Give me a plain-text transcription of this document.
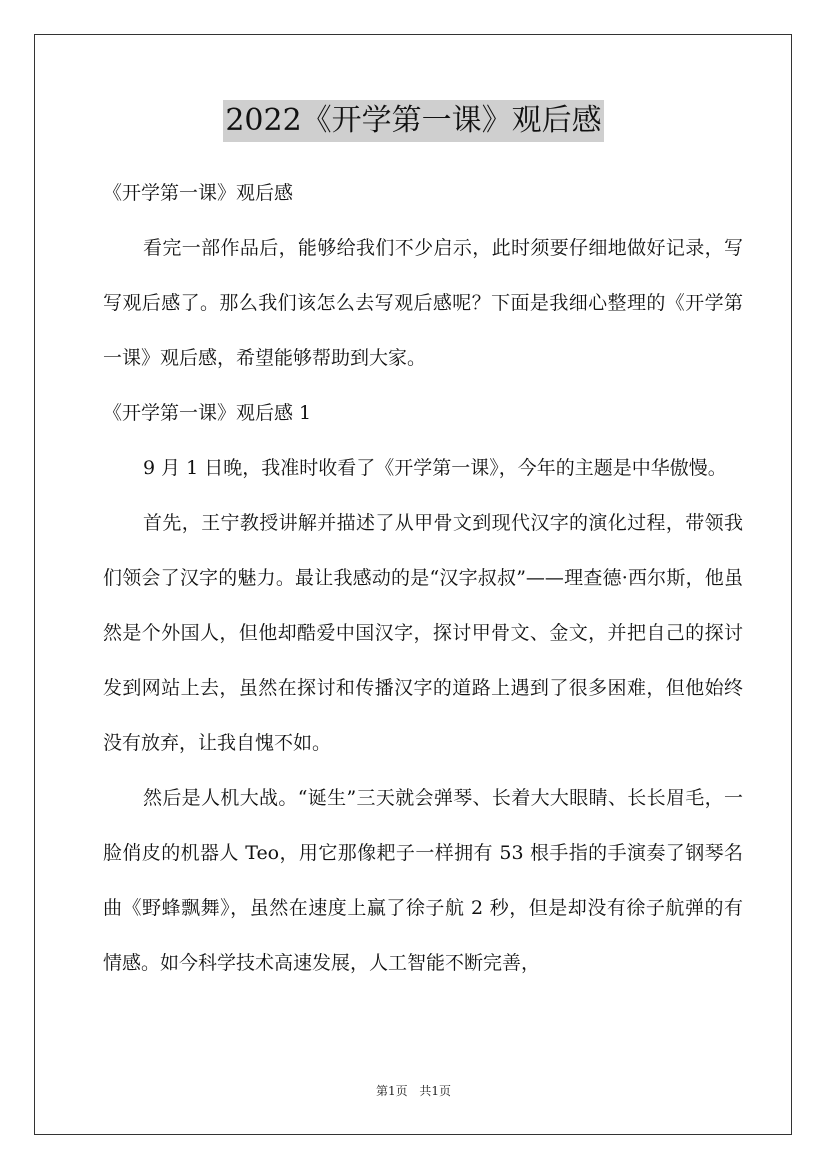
2022《开学第一课》观后感

《开学第一课》观后感

看完一部作品后，能够给我们不少启示，此时须要仔细地做好记录，写写观后感了。那么我们该怎么去写观后感呢？下面是我细心整理的《开学第一课》观后感，希望能够帮助到大家。

《开学第一课》观后感 1

9 月 1 日晚，我准时收看了《开学第一课》，今年的主题是中华傲慢。

首先，王宁教授讲解并描述了从甲骨文到现代汉字的演化过程，带领我们领会了汉字的魅力。最让我感动的是“汉字叔叔”——理查德·西尔斯，他虽然是个外国人，但他却酷爱中国汉字，探讨甲骨文、金文，并把自己的探讨发到网站上去，虽然在探讨和传播汉字的道路上遇到了很多困难，但他始终没有放弃，让我自愧不如。

然后是人机大战。“诞生”三天就会弹琴、长着大大眼睛、长长眉毛，一脸俏皮的机器人 Teo，用它那像耙子一样拥有 53 根手指的手演奏了钢琴名曲《野蜂飘舞》，虽然在速度上赢了徐子航 2 秒，但是却没有徐子航弹的有情感。如今科学技术高速发展，人工智能不断完善，

第1页 共1页
